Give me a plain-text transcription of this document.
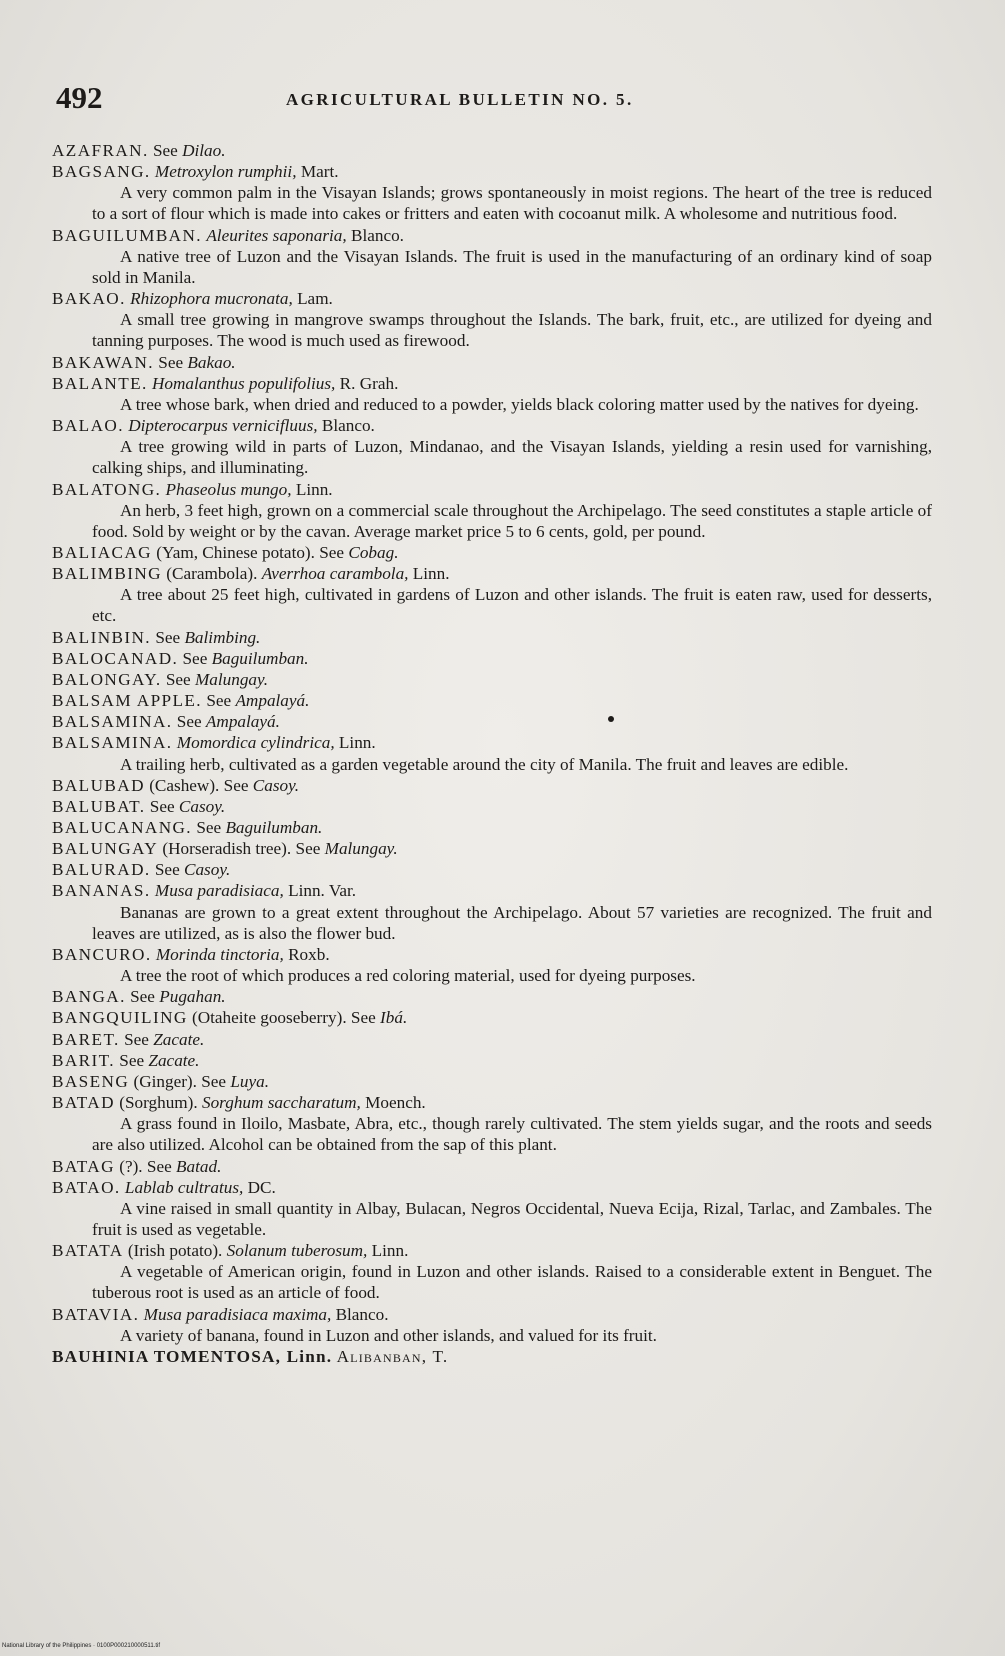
492	AGRICULTURAL BULLETIN NO. 5.

AZAFRAN. See Dilao.

BAGSANG. Metroxylon rumphii, Mart.

A very common palm in the Visayan Islands; grows spontaneously in moist regions. The heart of the tree is reduced to a sort of flour which is made into cakes or fritters and eaten with cocoanut milk. A wholesome and nutritious food.

BAGUILUMBAN. Aleurites saponaria, Blanco.

A native tree of Luzon and the Visayan Islands. The fruit is used in the manufacturing of an ordinary kind of soap sold in Manila.

BAKAO. Rhizophora mucronata, Lam.

A small tree growing in mangrove swamps throughout the Islands. The bark, fruit, etc., are utilized for dyeing and tanning purposes. The wood is much used as firewood.

BAKAWAN. See Bakao.

BALANTE. Homalanthus populifolius, R. Grah.

A tree whose bark, when dried and reduced to a powder, yields black coloring matter used by the natives for dyeing.

BALAO. Dipterocarpus vernicifluus, Blanco.

A tree growing wild in parts of Luzon, Mindanao, and the Visayan Islands, yielding a resin used for varnishing, calking ships, and illuminating.

BALATONG. Phaseolus mungo, Linn.

An herb, 3 feet high, grown on a commercial scale throughout the Archipelago. The seed constitutes a staple article of food. Sold by weight or by the cavan. Average market price 5 to 6 cents, gold, per pound.

BALIACAG (Yam, Chinese potato). See Cobag.

BALIMBING (Carambola). Averrhoa carambola, Linn.

A tree about 25 feet high, cultivated in gardens of Luzon and other islands. The fruit is eaten raw, used for desserts, etc.

BALINBIN. See Balimbing.

BALOCANAD. See Baguilumban.

BALONGAY. See Malungay.

BALSAM APPLE. See Ampalayá.

BALSAMINA. See Ampalayá.

BALSAMINA. Momordica cylindrica, Linn.

A trailing herb, cultivated as a garden vegetable around the city of Manila. The fruit and leaves are edible.

BALUBAD (Cashew). See Casoy.

BALUBAT. See Casoy.

BALUCANANG. See Baguilumban.

BALUNGAY (Horseradish tree). See Malungay.

BALURAD. See Casoy.

BANANAS. Musa paradisiaca, Linn. Var.

Bananas are grown to a great extent throughout the Archipelago. About 57 varieties are recognized. The fruit and leaves are utilized, as is also the flower bud.

BANCURO. Morinda tinctoria, Roxb.

A tree the root of which produces a red coloring material, used for dyeing purposes.

BANGA. See Pugahan.

BANGQUILING (Otaheite gooseberry). See Ibá.

BARET. See Zacate.

BARIT. See Zacate.

BASENG (Ginger). See Luya.

BATAD (Sorghum). Sorghum saccharatum, Moench.

A grass found in Iloilo, Masbate, Abra, etc., though rarely cultivated. The stem yields sugar, and the roots and seeds are also utilized. Alcohol can be obtained from the sap of this plant.

BATAG (?). See Batad.

BATAO. Lablab cultratus, DC.

A vine raised in small quantity in Albay, Bulacan, Negros Occidental, Nueva Ecija, Rizal, Tarlac, and Zambales. The fruit is used as vegetable.

BATATA (Irish potato). Solanum tuberosum, Linn.

A vegetable of American origin, found in Luzon and other islands. Raised to a considerable extent in Benguet. The tuberous root is used as an article of food.

BATAVIA. Musa paradisiaca maxima, Blanco.

A variety of banana, found in Luzon and other islands, and valued for its fruit.

BAUHINIA TOMENTOSA, Linn. Alibanban, T.

National Library of the Philippines · 0100P000210000511.tif
